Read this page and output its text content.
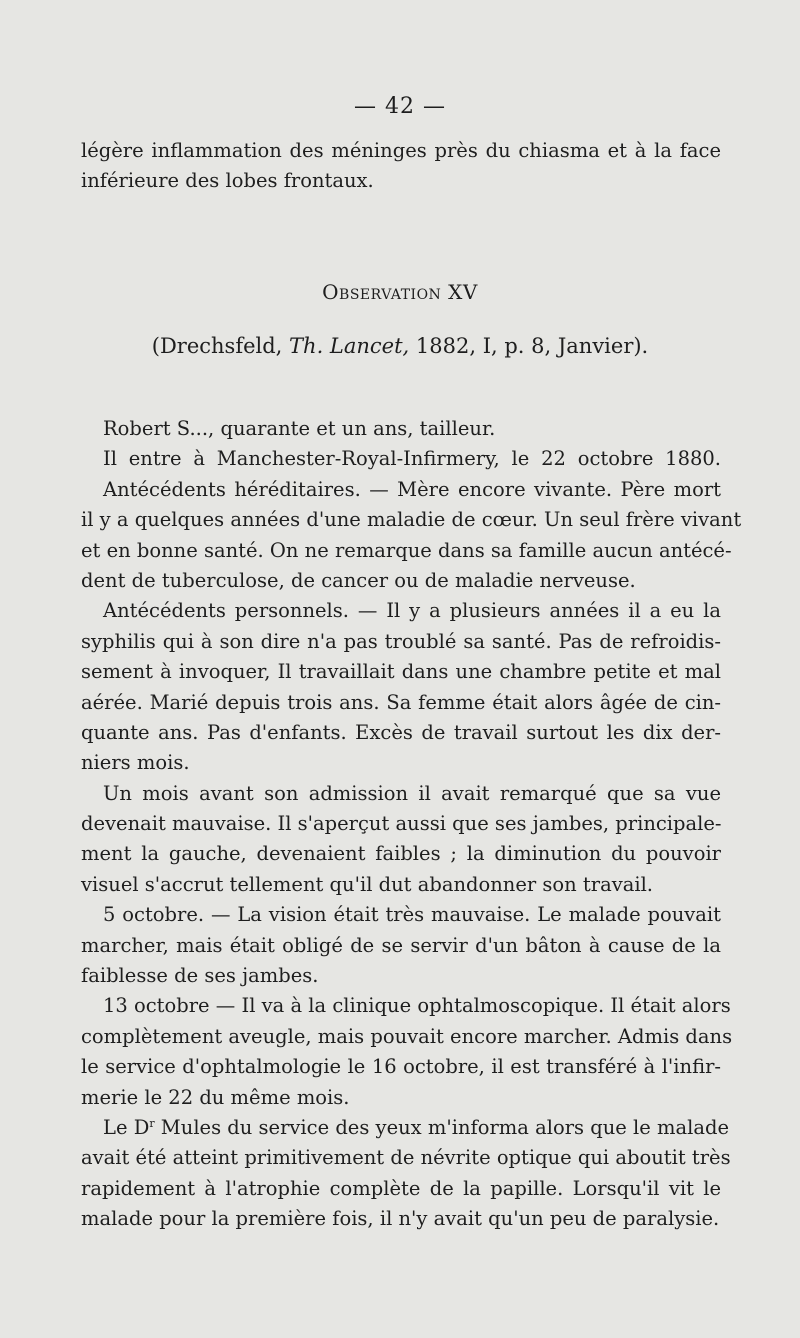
— 42 —
légère inflammation des méninges près du chiasma et à la face
inférieure des lobes frontaux.
Observation XV
(Drechsfeld, Th. Lancet, 1882, I, p. 8, Janvier).
Robert S..., quarante et un ans, tailleur.
Il entre à Manchester-Royal-Infirmery, le 22 octobre 1880.
Antécédents héréditaires. — Mère encore vivante. Père mort
il y a quelques années d'une maladie de cœur. Un seul frère vivant
et en bonne santé. On ne remarque dans sa famille aucun antécé-
dent de tuberculose, de cancer ou de maladie nerveuse.
Antécédents personnels. — Il y a plusieurs années il a eu la
syphilis qui à son dire n'a pas troublé sa santé. Pas de refroidis-
sement à invoquer, Il travaillait dans une chambre petite et mal
aérée. Marié depuis trois ans. Sa femme était alors âgée de cin-
quante ans. Pas d'enfants. Excès de travail surtout les dix der-
niers mois.
Un mois avant son admission il avait remarqué que sa vue
devenait mauvaise. Il s'aperçut aussi que ses jambes, principale-
ment la gauche, devenaient faibles ; la diminution du pouvoir
visuel s'accrut tellement qu'il dut abandonner son travail.
5 octobre. — La vision était très mauvaise. Le malade pouvait
marcher, mais était obligé de se servir d'un bâton à cause de la
faiblesse de ses jambes.
13 octobre — Il va à la clinique ophtalmoscopique. Il était alors
complètement aveugle, mais pouvait encore marcher. Admis dans
le service d'ophtalmologie le 16 octobre, il est transféré à l'infir-
merie le 22 du même mois.
Le $D^r$ Mules du service des yeux m'informa alors que le malade
avait été atteint primitivement de névrite optique qui aboutit très
rapidement à l'atrophie complète de la papille. Lorsqu'il vit le
malade pour la première fois, il n'y avait qu'un peu de paralysie.
